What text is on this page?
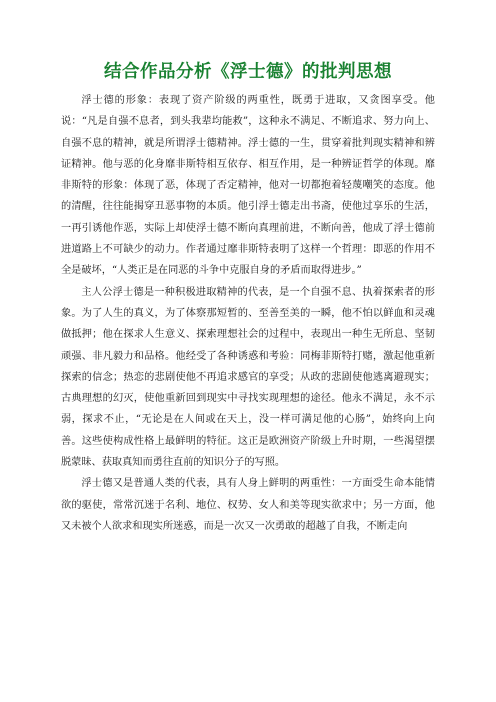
结合作品分析《浮士德》的批判思想

浮士德的形象：表现了资产阶级的两重性，既勇于进取，又贪图享受。他说：“凡是自强不息者，到头我辈均能救”，这种永不满足、不断追求、努力向上、自强不息的精神，就是所谓浮士德精神。浮士德的一生，贯穿着批判现实精神和辨证精神。他与恶的化身靡非斯特相互依存、相互作用，是一种辨证哲学的体现。靡非斯特的形象：体现了恶，体现了否定精神，他对一切都抱着轻蔑嘲笑的态度。他的清醒，往往能揭穿丑恶事物的本质。他引浮士德走出书斋，使他过享乐的生活，一再引诱他作恶，实际上却使浮士德不断向真理前进，不断向善，他成了浮士德前进道路上不可缺少的动力。作者通过靡非斯特表明了这样一个哲理：即恶的作用不全是破坏，“人类正是在同恶的斗争中克服自身的矛盾而取得进步。”

主人公浮士德是一种积极进取精神的代表，是一个自强不息、执着探索者的形象。为了人生的真义，为了体察那短暂的、至善至美的一瞬，他不怕以鲜血和灵魂做抵押；他在探求人生意义、探索理想社会的过程中，表现出一种生无所息、坚韧顽强、非凡毅力和品格。他经受了各种诱惑和考验：同梅菲斯特打赌，激起他重新探索的信念；热恋的悲剧使他不再追求感官的享受；从政的悲剧使他逃离避现实；古典理想的幻灭，使他重新回到现实中寻找实现理想的途径。他永不满足，永不示弱，探求不止，“无论是在人间或在天上，没一样可满足他的心肠”，始终向上向善。这些使构成性格上最鲜明的特征。这正是欧洲资产阶级上升时期，一些渴望摆脱蒙昧、获取真知而勇往直前的知识分子的写照。

浮士德又是普通人类的代表，具有人身上鲜明的两重性：一方面受生命本能情欲的驱使，常常沉迷于名利、地位、权势、女人和美等现实欲求中；另一方面，他又未被个人欲求和现实所迷惑，而是一次又一次勇敢的超越了自我，不断走向
